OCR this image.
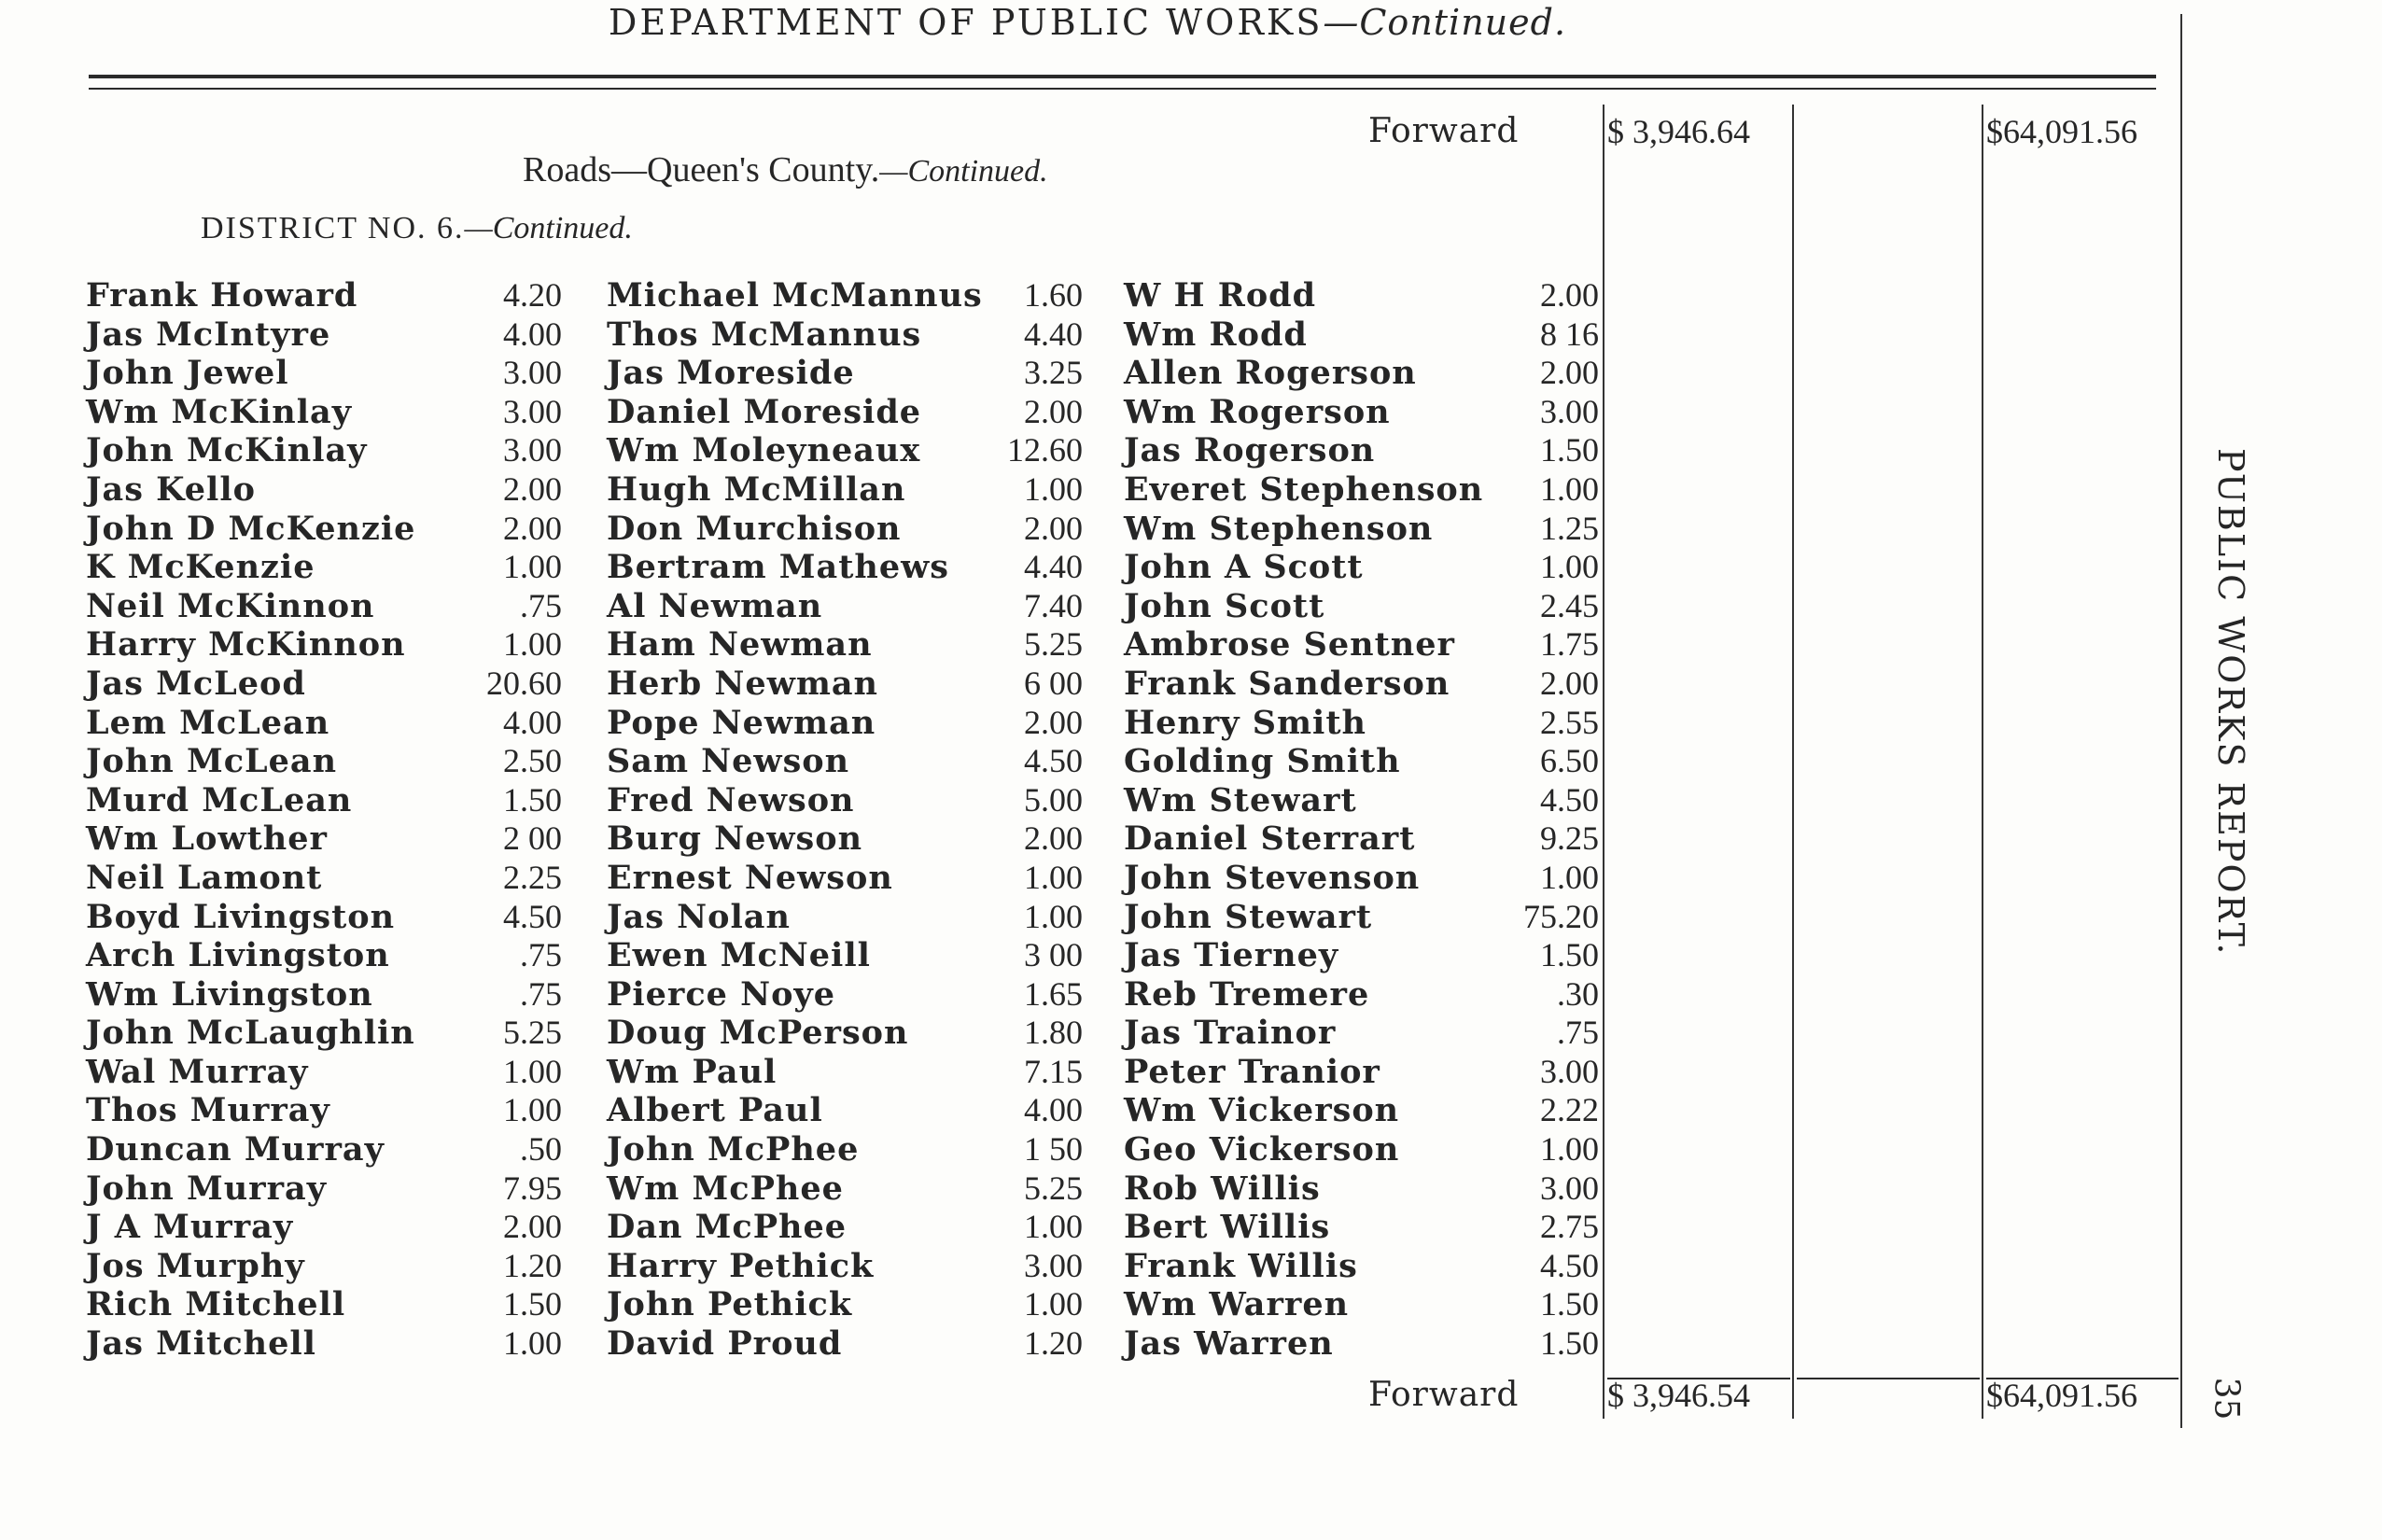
DEPARTMENT OF PUBLIC WORKS—Continued.
Forward	$ 3,946.64	$64,091.56
Roads—Queen's County.—Continued.
DISTRICT NO. 6.—Continued.
Frank Howard	4.20
Jas McIntyre	4.00
John Jewel	3.00
Wm McKinlay	3.00
John McKinlay	3.00
Jas Kello	2.00
John D McKenzie	2.00
K McKenzie	1.00
Neil McKinnon	.75
Harry McKinnon	1.00
Jas McLeod	20.60
Lem McLean	4.00
John McLean	2.50
Murd McLean	1.50
Wm Lowther	2 00
Neil Lamont	2.25
Boyd Livingston	4.50
Arch Livingston	.75
Wm Livingston	.75
John McLaughlin	5.25
Wal Murray	1.00
Thos Murray	1.00
Duncan Murray	.50
John Murray	7.95
J A Murray	2.00
Jos Murphy	1.20
Rich Mitchell	1.50
Jas Mitchell	1.00
Michael McMannus 1.60
Thos McMannus	4.40
Jas Moreside	3.25
Daniel Moreside	2.00
Wm Moleyneaux	12.60
Hugh McMillan	1.00
Don Murchison	2.00
Bertram Mathews 4.40
Al Newman	7.40
Ham Newman	5.25
Herb Newman	6 00
Pope Newman	2.00
Sam Newson	4.50
Fred Newson	5.00
Burg Newson	2.00
Ernest Newson	1.00
Jas Nolan	1.00
Ewen McNeill	3 00
Pierce Noye	1.65
Doug McPerson	1.80
Wm Paul	7.15
Albert Paul	4.00
John McPhee	1 50
Wm McPhee	5.25
Dan McPhee	1.00
Harry Pethick	3.00
John Pethick	1.00
David Proud	1.20
W H Rodd	2.00
Wm Rodd	8 16
Allen Rogerson	2.00
Wm Rogerson	3.00
Jas Rogerson	1.50
Everet Stephenson 1.00
Wm Stephenson	1.25
John A Scott	1.00
John Scott	2.45
Ambrose Sentner	1.75
Frank Sanderson	2.00
Henry Smith	2.55
Golding Smith	6.50
Wm Stewart	4.50
Daniel Sterrart	9.25
John Stevenson	1.00
John Stewart	75.20
Jas Tierney	1.50
Reb Tremere	.30
Jas Trainor	.75
Peter Tranior	3.00
Wm Vickerson	2.22
Geo Vickerson	1.00
Rob Willis	3.00
Bert Willis	2.75
Frank Willis	4.50
Wm Warren	1.50
Jas Warren	1.50
Forward	$ 3,946.54	$64,091.56
PUBLIC WORKS REPORT.
35
